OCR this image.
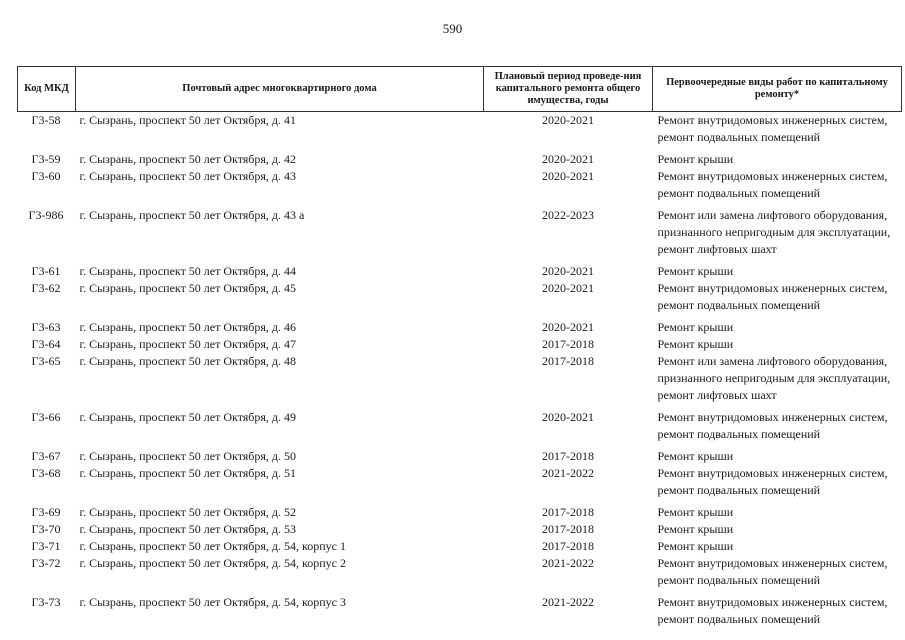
590
Код МКД	Почтовый адрес многоквартирного дома	Плановый период проведе-ния капитального ремонта общего имущества, годы	Первоочередные виды работ по капитальному ремонту*
Г3-58	г. Сызрань, проспект 50 лет Октября, д. 41	2020-2021	Ремонт внутридомовых инженерных систем,
ремонт подвальных помещений

Г3-59	г. Сызрань, проспект 50 лет Октября, д. 42	2020-2021	Ремонт крыши

Г3-60	г. Сызрань, проспект 50 лет Октября, д. 43	2020-2021	Ремонт внутридомовых инженерных систем,
ремонт подвальных помещений

Г3-986	г. Сызрань, проспект 50 лет Октября, д. 43 а	2022-2023	Ремонт или замена лифтового оборудования,
признанного непригодным для эксплуатации,
ремонт лифтовых шахт

Г3-61	г. Сызрань, проспект 50 лет Октября, д. 44	2020-2021	Ремонт крыши

Г3-62	г. Сызрань, проспект 50 лет Октября, д. 45	2020-2021	Ремонт внутридомовых инженерных систем,
ремонт подвальных помещений

Г3-63	г. Сызрань, проспект 50 лет Октября, д. 46	2020-2021	Ремонт крыши

Г3-64	г. Сызрань, проспект 50 лет Октября, д. 47	2017-2018	Ремонт крыши

Г3-65	г. Сызрань, проспект 50 лет Октября, д. 48	2017-2018	Ремонт или замена лифтового оборудования,
признанного непригодным для эксплуатации,
ремонт лифтовых шахт

Г3-66	г. Сызрань, проспект 50 лет Октября, д. 49	2020-2021	Ремонт внутридомовых инженерных систем,
ремонт подвальных помещений

Г3-67	г. Сызрань, проспект 50 лет Октября, д. 50	2017-2018	Ремонт крыши

Г3-68	г. Сызрань, проспект 50 лет Октября, д. 51	2021-2022	Ремонт внутридомовых инженерных систем,
ремонт подвальных помещений

Г3-69	г. Сызрань, проспект 50 лет Октября, д. 52	2017-2018	Ремонт крыши

Г3-70	г. Сызрань, проспект 50 лет Октября, д. 53	2017-2018	Ремонт крыши

Г3-71	г. Сызрань, проспект 50 лет Октября, д. 54, корпус 1	2017-2018	Ремонт крыши

Г3-72	г. Сызрань, проспект 50 лет Октября, д. 54, корпус 2	2021-2022	Ремонт внутридомовых инженерных систем,
ремонт подвальных помещений

Г3-73	г. Сызрань, проспект 50 лет Октября, д. 54, корпус 3	2021-2022	Ремонт внутридомовых инженерных систем,
ремонт подвальных помещений
